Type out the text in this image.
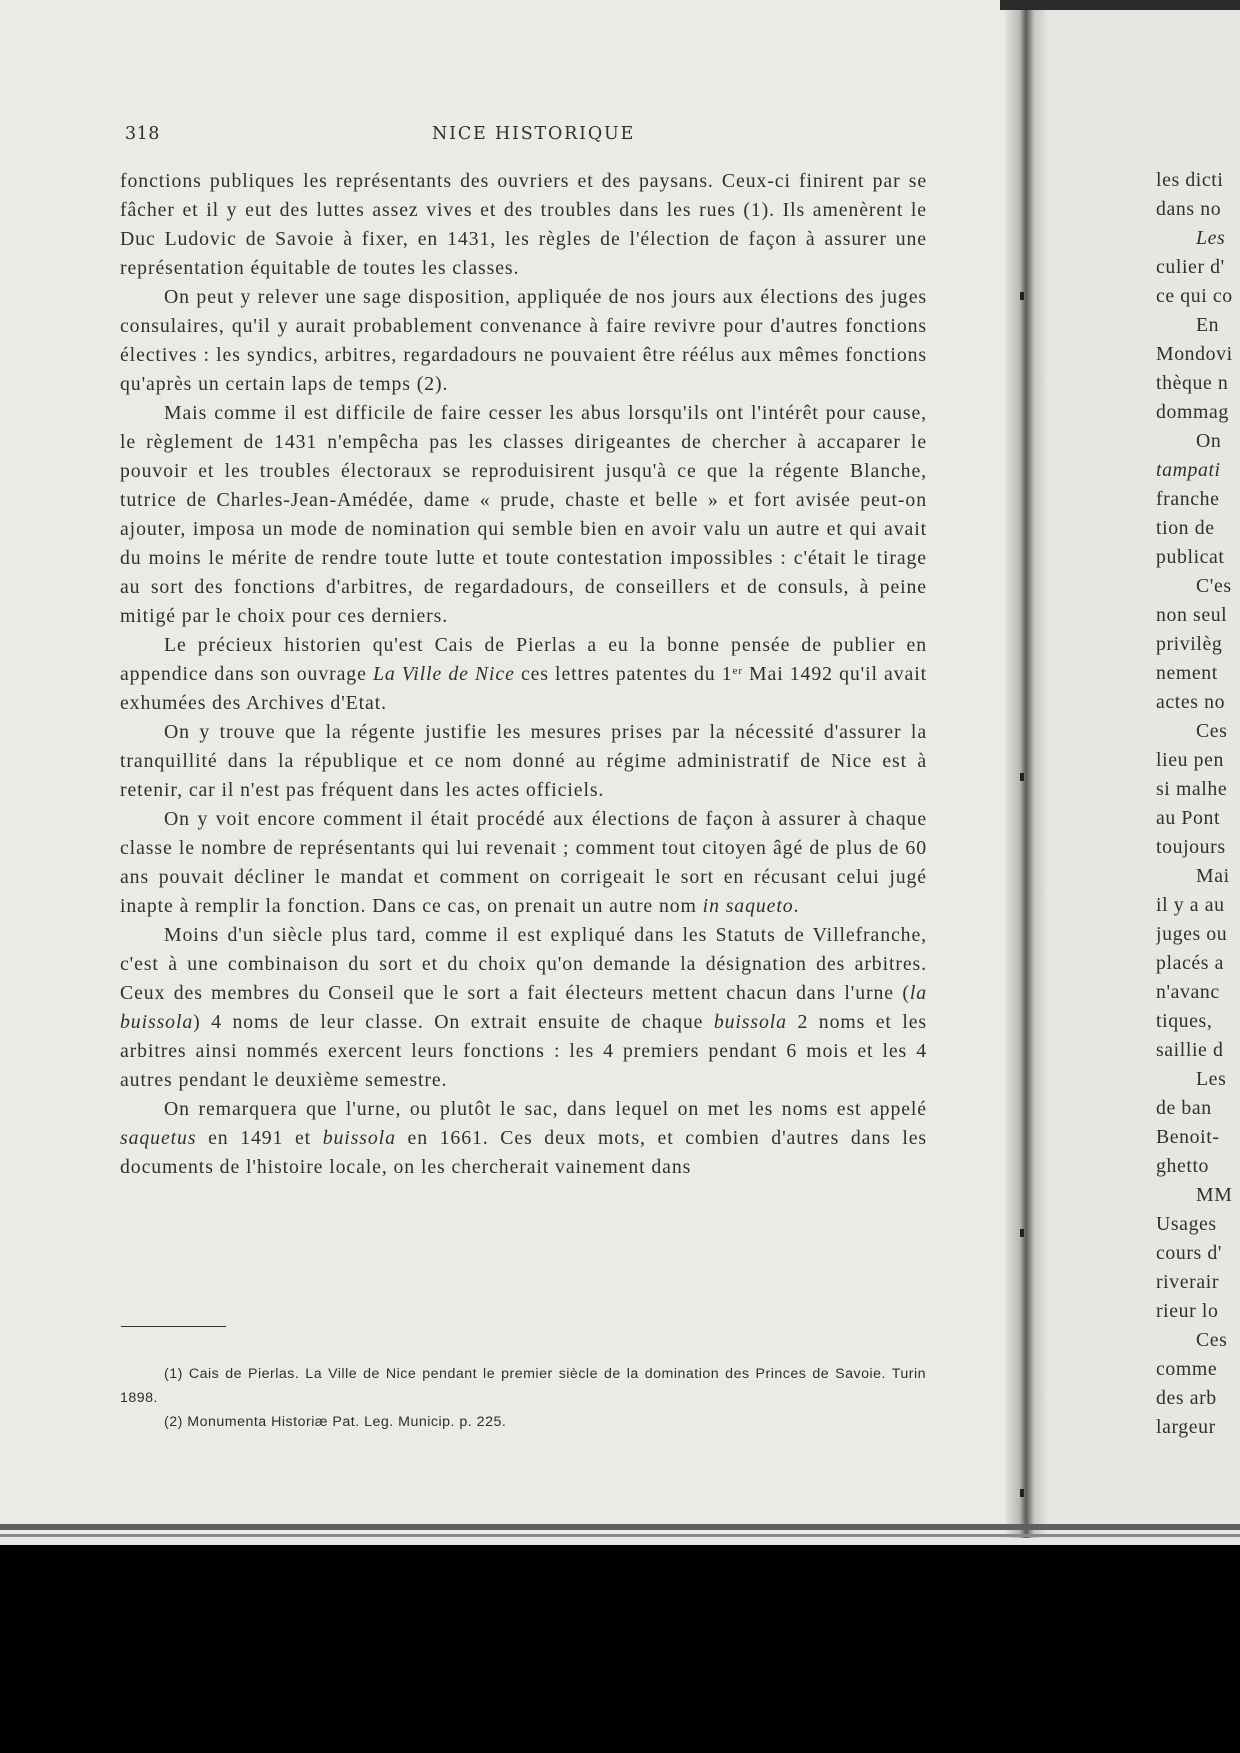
318	NICE HISTORIQUE

fonctions publiques les représentants des ouvriers et des paysans. Ceux-ci finirent par se fâcher et il y eut des luttes assez vives et des troubles dans les rues (1). Ils amenèrent le Duc Ludovic de Savoie à fixer, en 1431, les règles de l'élection de façon à assurer une représentation équitable de toutes les classes.

On peut y relever une sage disposition, appliquée de nos jours aux élections des juges consulaires, qu'il y aurait probablement convenance à faire revivre pour d'autres fonctions électives : les syndics, arbitres, regardadours ne pouvaient être réélus aux mêmes fonctions qu'après un certain laps de temps (2).

Mais comme il est difficile de faire cesser les abus lorsqu'ils ont l'intérêt pour cause, le règlement de 1431 n'empêcha pas les classes dirigeantes de chercher à accaparer le pouvoir et les troubles électoraux se reproduisirent jusqu'à ce que la régente Blanche, tutrice de Charles-Jean-Amédée, dame « prude, chaste et belle » et fort avisée peut-on ajouter, imposa un mode de nomination qui semble bien en avoir valu un autre et qui avait du moins le mérite de rendre toute lutte et toute contestation impossibles : c'était le tirage au sort des fonctions d'arbitres, de regardadours, de conseillers et de consuls, à peine mitigé par le choix pour ces derniers.

Le précieux historien qu'est Cais de Pierlas a eu la bonne pensée de publier en appendice dans son ouvrage La Ville de Nice ces lettres patentes du 1er Mai 1492 qu'il avait exhumées des Archives d'Etat.

On y trouve que la régente justifie les mesures prises par la nécessité d'assurer la tranquillité dans la république et ce nom donné au régime administratif de Nice est à retenir, car il n'est pas fréquent dans les actes officiels.

On y voit encore comment il était procédé aux élections de façon à assurer à chaque classe le nombre de représentants qui lui revenait ; comment tout citoyen âgé de plus de 60 ans pouvait décliner le mandat et comment on corrigeait le sort en récusant celui jugé inapte à remplir la fonction. Dans ce cas, on prenait un autre nom in saqueto.

Moins d'un siècle plus tard, comme il est expliqué dans les Statuts de Villefranche, c'est à une combinaison du sort et du choix qu'on demande la désignation des arbitres. Ceux des membres du Conseil que le sort a fait électeurs mettent chacun dans l'urne (la buissola) 4 noms de leur classe. On extrait ensuite de chaque buissola 2 noms et les arbitres ainsi nommés exercent leurs fonctions : les 4 premiers pendant 6 mois et les 4 autres pendant le deuxième semestre.

On remarquera que l'urne, ou plutôt le sac, dans lequel on met les noms est appelé saquetus en 1491 et buissola en 1661. Ces deux mots, et combien d'autres dans les documents de l'histoire locale, on les chercherait vainement dans

(1) Cais de Pierlas. La Ville de Nice pendant le premier siècle de la domination des Princes de Savoie. Turin 1898.

(2) Monumenta Historiæ Pat. Leg. Municip. p. 225.

les dicti
dans no
Les
culier d'
ce qui co
En
Mondovi
thèque n
dommag
On
tampati
franche
tion de
publicat
C'es
non seul
privilèg
nement
actes no
Ces
lieu pen
si malhe
au Pont
toujours
Mai
il y a au
juges ou
placés a
n'avanc
tiques,
saillie d
Les
de ban
Benoit-
ghetto
MM
Usages
cours d'
riverair
rieur lo
Ces
comme
des arb
largeur
